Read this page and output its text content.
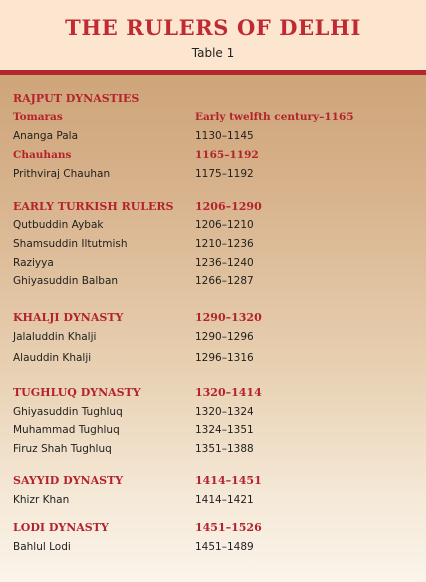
THE RULERS OF DELHI
Table 1
RAJPUT DYNASTIES
Tomaras	Early twelfth century–1165
Ananga Pala	1130–1145
Chauhans	1165–1192
Prithviraj Chauhan	1175–1192
EARLY TURKISH RULERS 1206–1290
Qutbuddin Aybak	1206–1210
Shamsuddin Iltutmish	1210–1236
Raziyya	1236–1240
Ghiyasuddin Balban	1266–1287
KHALJI DYNASTY	1290–1320
Jalaluddin Khalji	1290–1296
Alauddin Khalji	1296–1316
TUGHLUQ DYNASTY	1320–1414
Ghiyasuddin Tughluq	1320–1324
Muhammad Tughluq	1324–1351
Firuz Shah Tughluq	1351–1388
SAYYID DYNASTY	1414–1451
Khizr Khan	1414–1421
LODI DYNASTY	1451–1526
Bahlul Lodi	1451–1489
